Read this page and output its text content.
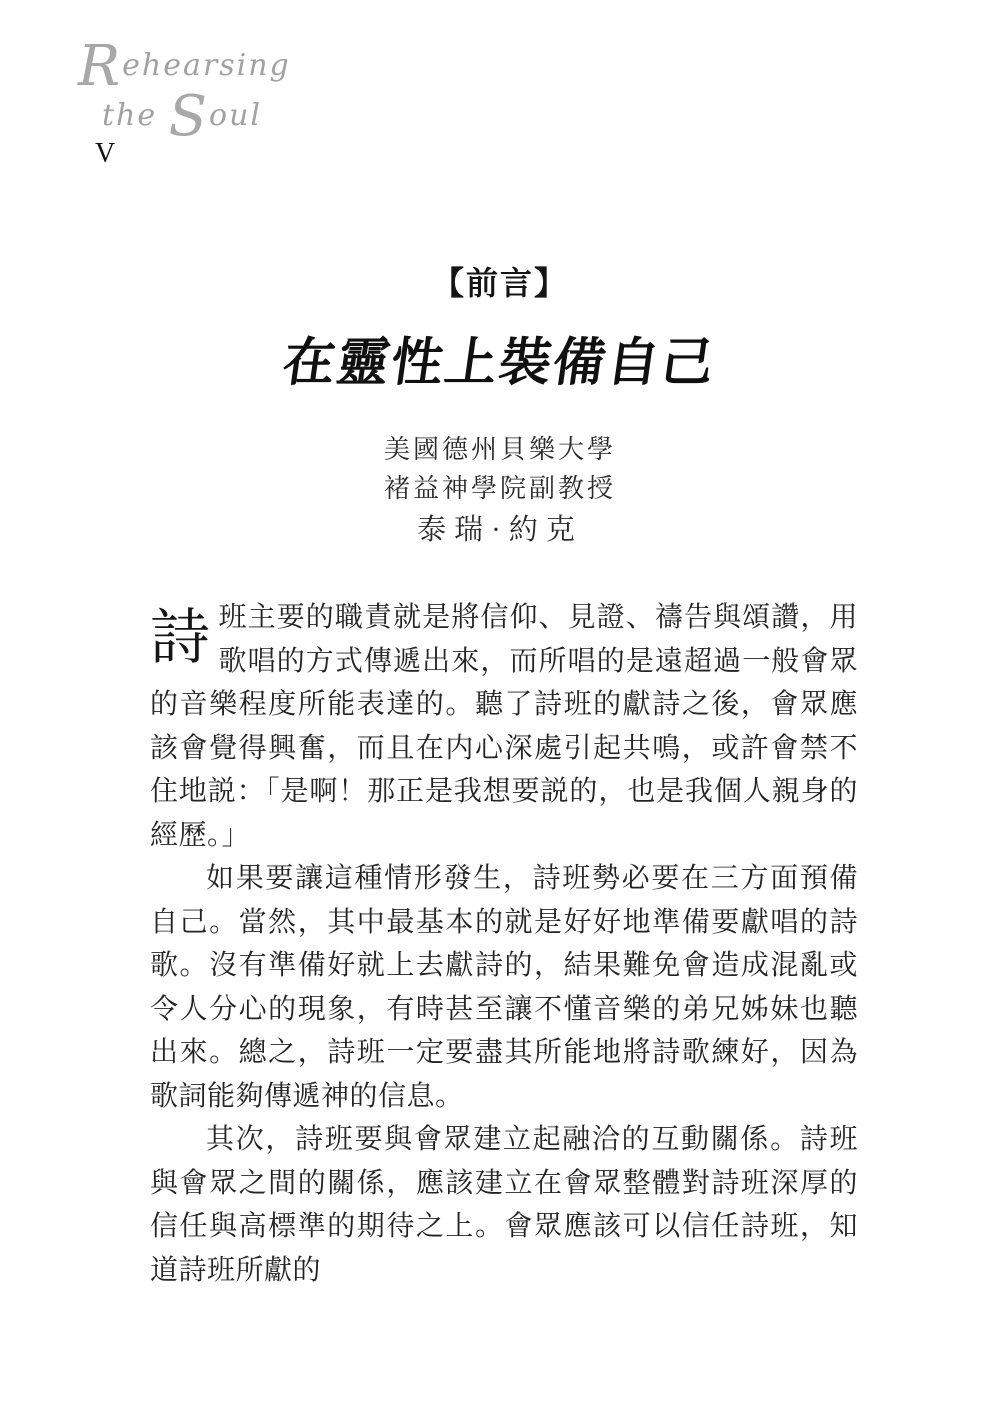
Rehearsing
the Soul
V
【前言】
在靈性上裝備自己
美國德州貝樂大學
褚益神學院副教授
泰瑞·約克

詩班主要的職責就是將信仰、見證、禱告與頌讚，用歌唱的方式傳遞出來，而所唱的是遠超過一般會眾的音樂程度所能表達的。聽了詩班的獻詩之後，會眾應該會覺得興奮，而且在内心深處引起共鳴，或許會禁不住地説：「是啊！那正是我想要説的，也是我個人親身的經歷。」

如果要讓這種情形發生，詩班勢必要在三方面預備自己。當然，其中最基本的就是好好地準備要獻唱的詩歌。沒有準備好就上去獻詩的，結果難免會造成混亂或令人分心的現象，有時甚至讓不懂音樂的弟兄姊妹也聽出來。總之，詩班一定要盡其所能地將詩歌練好，因為歌詞能夠傳遞神的信息。

其次，詩班要與會眾建立起融洽的互動關係。詩班與會眾之間的關係，應該建立在會眾整體對詩班深厚的信任與高標準的期待之上。會眾應該可以信任詩班，知道詩班所獻的
